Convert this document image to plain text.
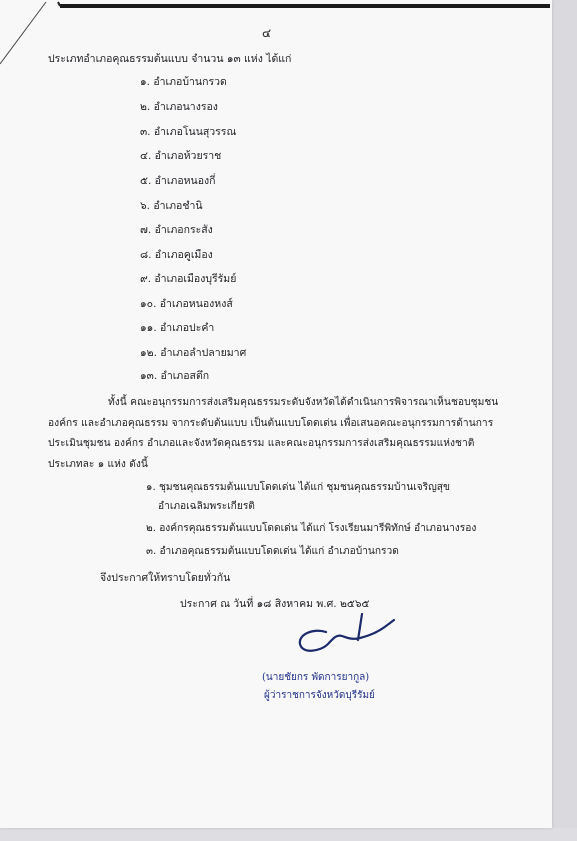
๔
ประเภทอำเภอคุณธรรมต้นแบบ จำนวน ๑๓ แห่ง ได้แก่
๑. อำเภอบ้านกรวด
๒. อำเภอนางรอง
๓. อำเภอโนนสุวรรณ
๔. อำเภอห้วยราช
๕. อำเภอหนองกี่
๖. อำเภอชำนิ
๗. อำเภอกระสัง
๘. อำเภอคูเมือง
๙. อำเภอเมืองบุรีรัมย์
๑๐. อำเภอหนองหงส์
๑๑. อำเภอปะคำ
๑๒. อำเภอลำปลายมาศ
๑๓. อำเภอสตึก
ทั้งนี้ คณะอนุกรรมการส่งเสริมคุณธรรมระดับจังหวัดได้ดำเนินการพิจารณาเห็นชอบชุมชน
องค์กร และอำเภอคุณธรรม จากระดับต้นแบบ เป็นต้นแบบโดดเด่น เพื่อเสนอคณะอนุกรรมการด้านการ
ประเมินชุมชน องค์กร อำเภอและจังหวัดคุณธรรม และคณะอนุกรรมการส่งเสริมคุณธรรมแห่งชาติ
ประเภทละ ๑ แห่ง ดังนี้
๑. ชุมชนคุณธรรมต้นแบบโดดเด่น ได้แก่ ชุมชนคุณธรรมบ้านเจริญสุข
อำเภอเฉลิมพระเกียรติ
๒. องค์กรคุณธรรมต้นแบบโดดเด่น ได้แก่ โรงเรียนมารีพิทักษ์ อำเภอนางรอง
๓. อำเภอคุณธรรมต้นแบบโดดเด่น ได้แก่ อำเภอบ้านกรวด
จึงประกาศให้ทราบโดยทั่วกัน
ประกาศ ณ วันที่ ๑๘ สิงหาคม พ.ศ. ๒๕๖๕
(นายชัยกร พัดการยากูล)
ผู้ว่าราชการจังหวัดบุรีรัมย์
